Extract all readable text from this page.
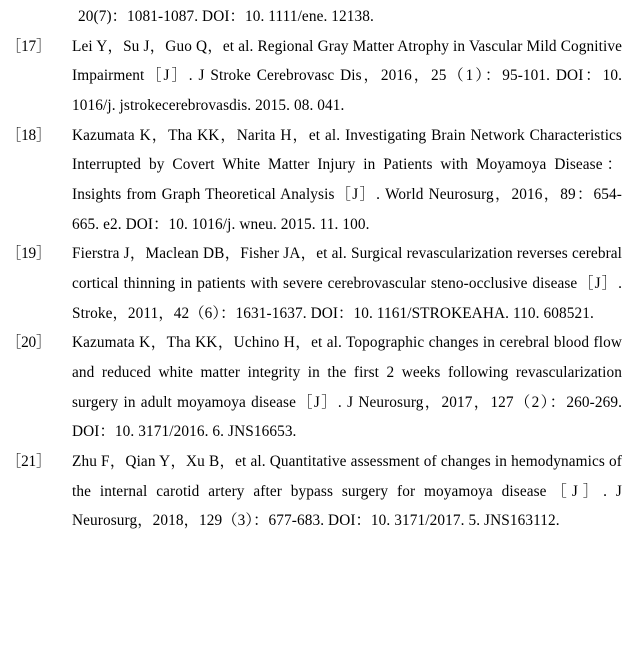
20(7)：1081-1087. DOI：10. 1111/ene. 12138.
［17］	Lei Y，Su J，Guo Q，et al. Regional Gray Matter Atrophy in Vascular Mild Cognitive Impairment［J］. J Stroke Cerebrovasc Dis，2016，25（1）：95-101. DOI：10. 1016/j. jstrokecerebrovasdis. 2015. 08. 041.
［18］	Kazumata K，Tha KK，Narita H，et al. Investigating Brain Network Characteristics Interrupted by Covert White Matter Injury in Patients with Moyamoya Disease：Insights from Graph Theoretical Analysis［J］. World Neurosurg，2016，89：654-665. e2. DOI：10. 1016/j. wneu. 2015. 11. 100.
［19］	Fierstra J，Maclean DB，Fisher JA，et al. Surgical revascularization reverses cerebral cortical thinning in patients with severe cerebrovascular steno-occlusive disease［J］. Stroke，2011，42（6）：1631-1637. DOI：10. 1161/STROKEAHA. 110. 608521.
［20］	Kazumata K，Tha KK，Uchino H，et al. Topographic changes in cerebral blood flow and reduced white matter integrity in the first 2 weeks following revascularization surgery in adult moyamoya disease［J］. J Neurosurg，2017，127（2）：260-269. DOI：10. 3171/2016. 6. JNS16653.
［21］	Zhu F，Qian Y，Xu B，et al. Quantitative assessment of changes in hemodynamics of the internal carotid artery after bypass surgery for moyamoya disease［J］. J Neurosurg，2018，129（3）：677-683. DOI：10. 3171/2017. 5. JNS163112.
